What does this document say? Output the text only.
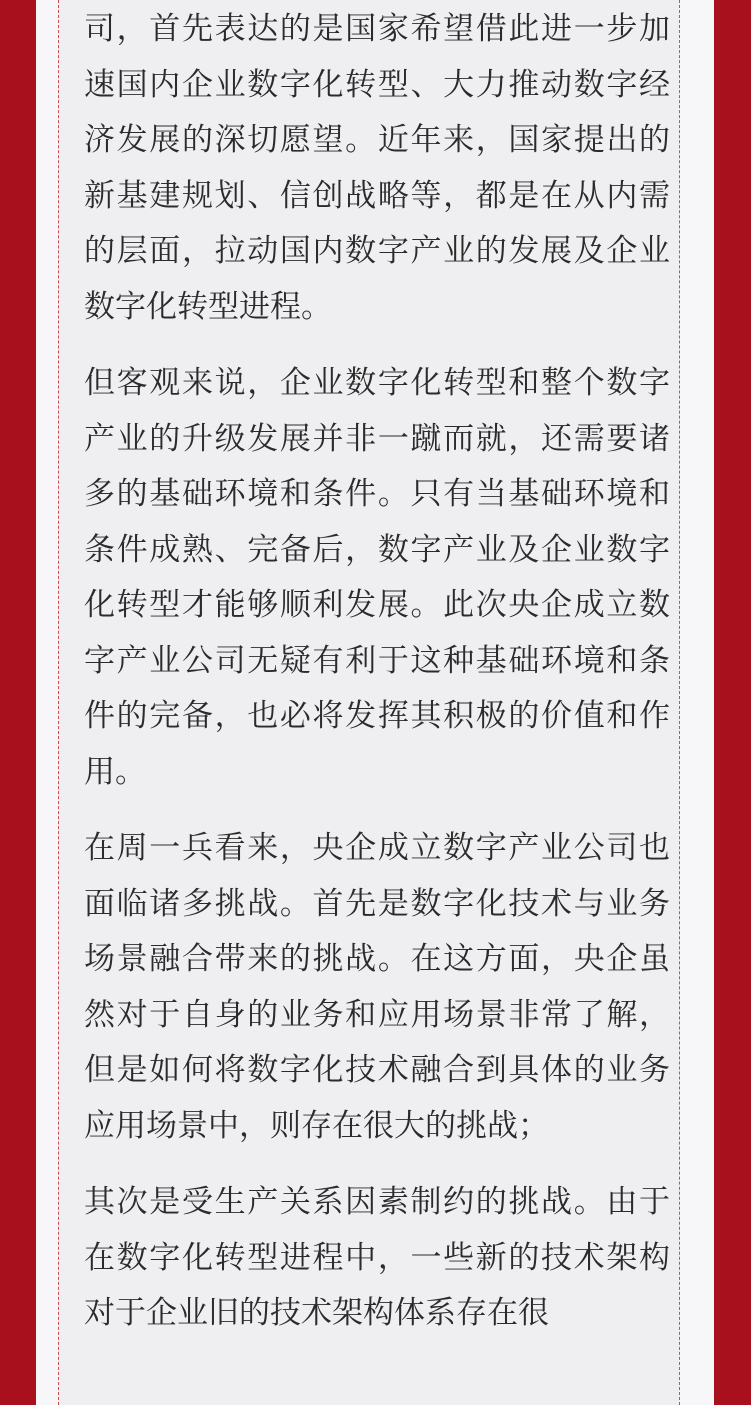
司，首先表达的是国家希望借此进一步加速国内企业数字化转型、大力推动数字经济发展的深切愿望。近年来，国家提出的新基建规划、信创战略等，都是在从内需的层面，拉动国内数字产业的发展及企业数字化转型进程。

但客观来说，企业数字化转型和整个数字产业的升级发展并非一蹴而就，还需要诸多的基础环境和条件。只有当基础环境和条件成熟、完备后，数字产业及企业数字化转型才能够顺利发展。此次央企成立数字产业公司无疑有利于这种基础环境和条件的完备，也必将发挥其积极的价值和作用。

在周一兵看来，央企成立数字产业公司也面临诸多挑战。首先是数字化技术与业务场景融合带来的挑战。在这方面，央企虽然对于自身的业务和应用场景非常了解，但是如何将数字化技术融合到具体的业务应用场景中，则存在很大的挑战；

其次是受生产关系因素制约的挑战。由于在数字化转型进程中，一些新的技术架构对于企业旧的技术架构体系存在很
